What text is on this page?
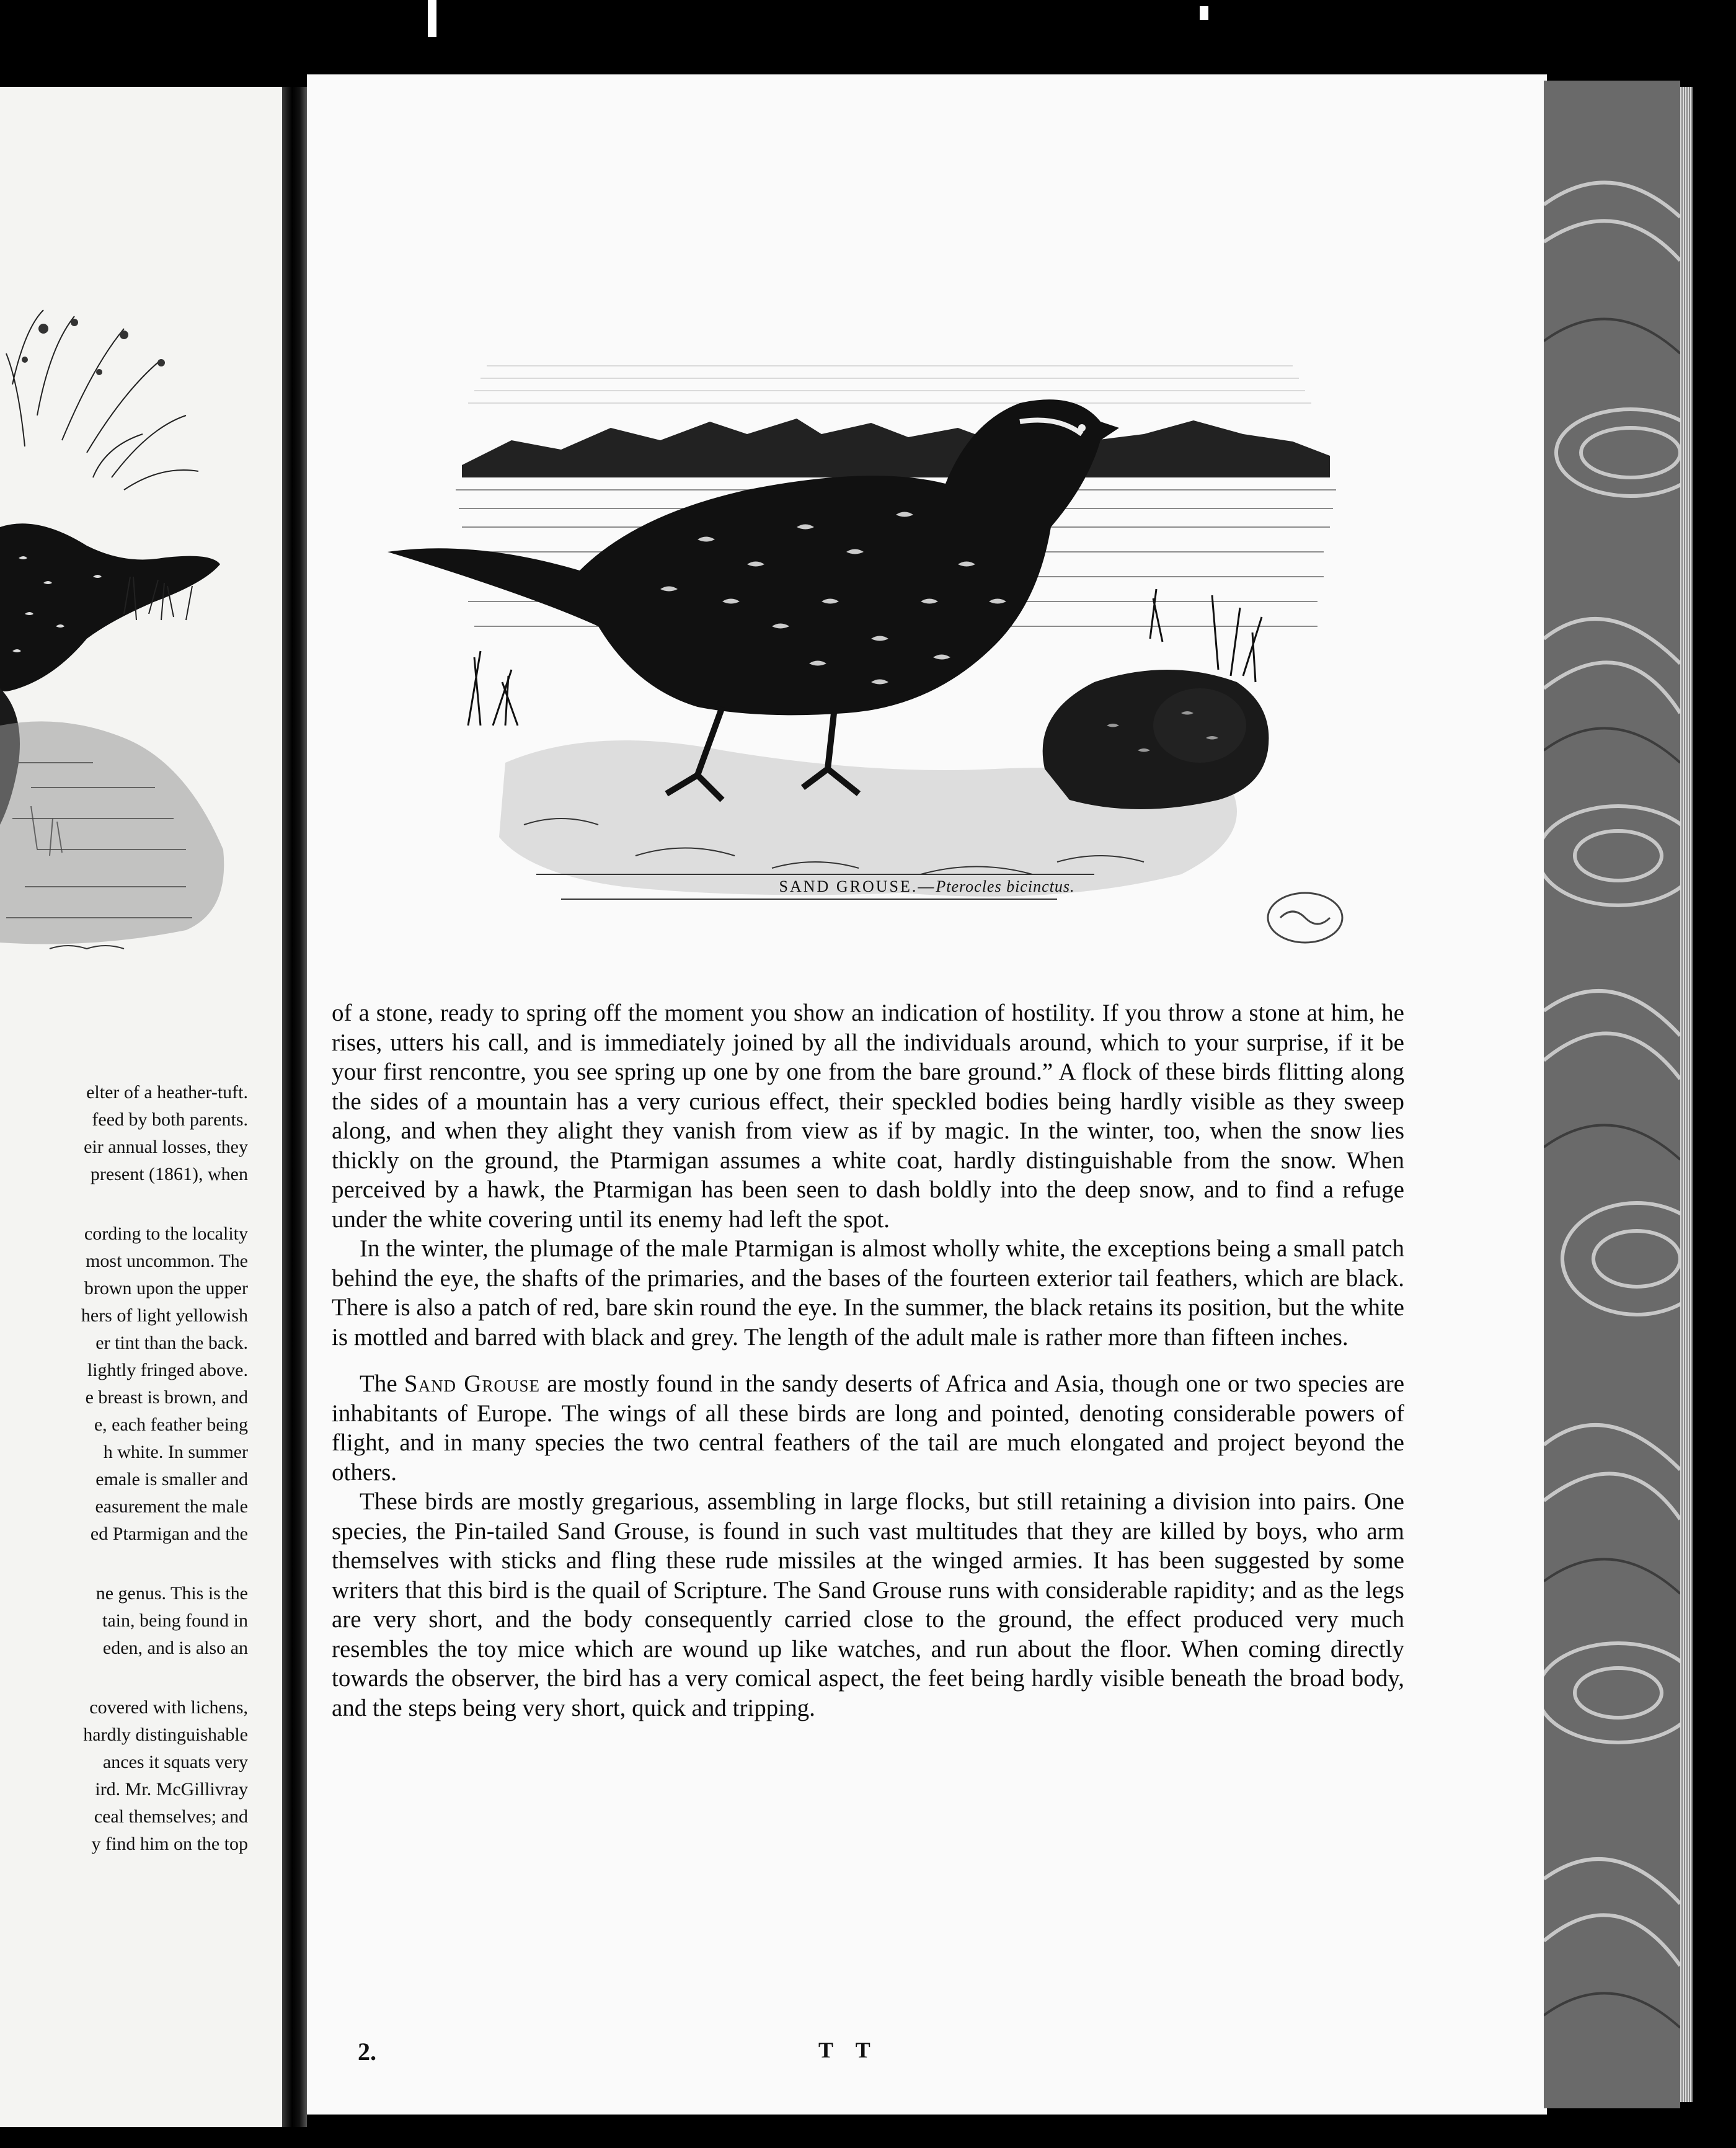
elter of a heather-tuft.
feed by both parents.
eir annual losses, they
present (1861), when
cording to the locality
most uncommon. The
brown upon the upper
hers of light yellowish
er tint than the back.
lightly fringed above.
e breast is brown, and
e, each feather being
h white. In summer
emale is smaller and
easurement the male
ed Ptarmigan and the
ne genus. This is the
tain, being found in
eden, and is also an
covered with lichens,
hardly distinguishable
ances it squats very
ird. Mr. McGillivray
ceal themselves; and
y find him on the top
SAND GROUSE.—Pterocles bicinctus.

of a stone, ready to spring off the moment you show an indication of hostility. If you throw a stone at him, he rises, utters his call, and is immediately joined by all the individuals around, which to your surprise, if it be your first rencontre, you see spring up one by one from the bare ground.” A flock of these birds flitting along the sides of a mountain has a very curious effect, their speckled bodies being hardly visible as they sweep along, and when they alight they vanish from view as if by magic. In the winter, too, when the snow lies thickly on the ground, the Ptarmigan assumes a white coat, hardly distinguishable from the snow. When perceived by a hawk, the Ptarmigan has been seen to dash boldly into the deep snow, and to find a refuge under the white covering until its enemy had left the spot.

In the winter, the plumage of the male Ptarmigan is almost wholly white, the exceptions being a small patch behind the eye, the shafts of the primaries, and the bases of the fourteen exterior tail feathers, which are black. There is also a patch of red, bare skin round the eye. In the summer, the black retains its position, but the white is mottled and barred with black and grey. The length of the adult male is rather more than fifteen inches.

The Sand Grouse are mostly found in the sandy deserts of Africa and Asia, though one or two species are inhabitants of Europe. The wings of all these birds are long and pointed, denoting considerable powers of flight, and in many species the two central feathers of the tail are much elongated and project beyond the others.

These birds are mostly gregarious, assembling in large flocks, but still retaining a division into pairs. One species, the Pin-tailed Sand Grouse, is found in such vast multitudes that they are killed by boys, who arm themselves with sticks and fling these rude missiles at the winged armies. It has been suggested by some writers that this bird is the quail of Scripture. The Sand Grouse runs with considerable rapidity; and as the legs are very short, and the body consequently carried close to the ground, the effect produced very much resembles the toy mice which are wound up like watches, and run about the floor. When coming directly towards the observer, the bird has a very comical aspect, the feet being hardly visible beneath the broad body, and the steps being very short, quick and tripping.

2.	T T
